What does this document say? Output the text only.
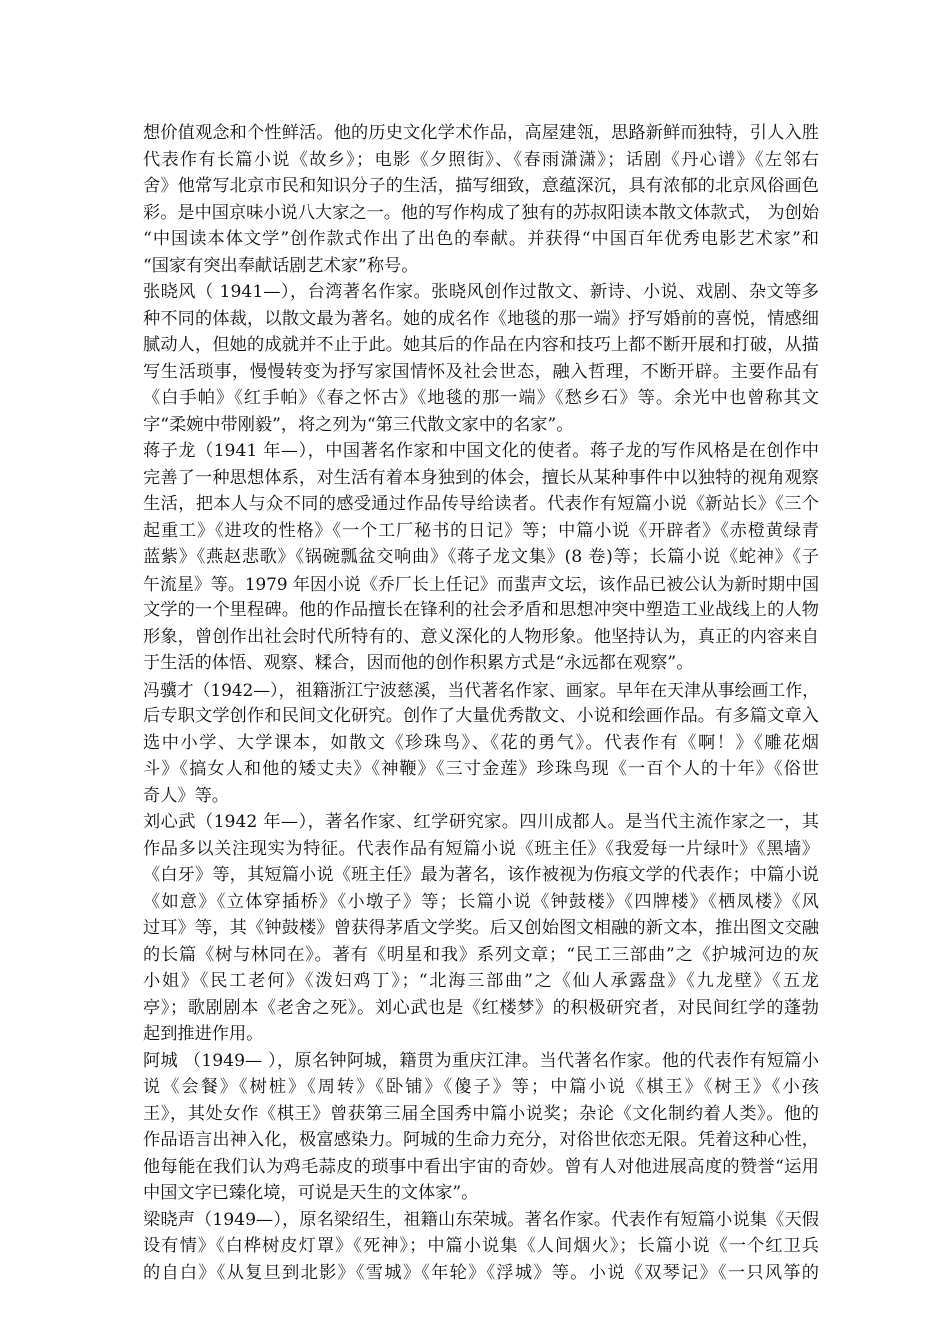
想价值观念和个性鲜活。他的历史文化学术作品，高屋建瓴，思路新鲜而独特，引人入胜
代表作有长篇小说《故乡》；电影《夕照街》、《春雨潇潇》；话剧《丹心谱》《左邻右
舍》他常写北京市民和知识分子的生活，描写细致，意蕴深沉，具有浓郁的北京风俗画色
彩。是中国京味小说八大家之一。他的写作构成了独有的苏叔阳读本散文体款式， 为创始
“中国读本体文学”创作款式作出了出色的奉献。并获得“中国百年优秀电影艺术家”和
“国家有突出奉献话剧艺术家”称号。
张晓风（ 1941—），台湾著名作家。张晓风创作过散文、新诗、小说、戏剧、杂文等多
种不同的体裁，以散文最为著名。她的成名作《地毯的那一端》抒写婚前的喜悦，情感细
腻动人，但她的成就并不止于此。她其后的作品在内容和技巧上都不断开展和打破，从描
写生活琐事，慢慢转变为抒写家国情怀及社会世态，融入哲理，不断开辟。主要作品有
《白手帕》《红手帕》《春之怀古》《地毯的那一端》《愁乡石》等。余光中也曾称其文
字“柔婉中带刚毅”，将之列为“第三代散文家中的名家”。
蒋子龙（1941 年—），中国著名作家和中国文化的使者。蒋子龙的写作风格是在创作中
完善了一种思想体系，对生活有着本身独到的体会，擅长从某种事件中以独特的视角观察
生活，把本人与众不同的感受通过作品传导给读者。代表作有短篇小说《新站长》《三个
起重工》《进攻的性格》《一个工厂秘书的日记》等；中篇小说《开辟者》《赤橙黄绿青
蓝紫》《燕赵悲歌》《锅碗瓢盆交响曲》《蒋子龙文集》(8 卷)等；长篇小说《蛇神》《子
午流星》等。1979 年因小说《乔厂长上任记》而蜚声文坛，该作品已被公认为新时期中国
文学的一个里程碑。他的作品擅长在锋利的社会矛盾和思想冲突中塑造工业战线上的人物
形象，曾创作出社会时代所特有的、意义深化的人物形象。他坚持认为，真正的内容来自
于生活的体悟、观察、糅合，因而他的创作积累方式是“永远都在观察”。
冯骥才（1942—），祖籍浙江宁波慈溪，当代著名作家、画家。早年在天津从事绘画工作，
后专职文学创作和民间文化研究。创作了大量优秀散文、小说和绘画作品。有多篇文章入
选中小学、大学课本，如散文《珍珠鸟》、《花的勇气》。代表作有《啊！》《雕花烟
斗》《搞女人和他的矮丈夫》《神鞭》《三寸金莲》珍珠鸟现《一百个人的十年》《俗世
奇人》等。
刘心武（1942 年—），著名作家、红学研究家。四川成都人。是当代主流作家之一，其
作品多以关注现实为特征。代表作品有短篇小说《班主任》《我爱每一片绿叶》《黑墙》
《白牙》等，其短篇小说《班主任》最为著名，该作被视为伤痕文学的代表作；中篇小说
《如意》《立体穿插桥》《小墩子》等；长篇小说《钟鼓楼》《四牌楼》《栖凤楼》《风
过耳》等，其《钟鼓楼》曾获得茅盾文学奖。后又创始图文相融的新文本，推出图文交融
的长篇《树与林同在》。著有《明星和我》系列文章；“民工三部曲”之《护城河边的灰
小姐》《民工老何》《泼妇鸡丁》；“北海三部曲”之《仙人承露盘》《九龙壁》《五龙
亭》；歌剧剧本《老舍之死》。刘心武也是《红楼梦》的积极研究者，对民间红学的蓬勃
起到推进作用。
阿城 （1949— ），原名钟阿城，籍贯为重庆江津。当代著名作家。他的代表作有短篇小
说《会餐》《树桩》《周转》《卧铺》《傻子》等；中篇小说《棋王》《树王》《小孩
王》，其处女作《棋王》曾获第三届全国秀中篇小说奖；杂论《文化制约着人类》。他的
作品语言出神入化，极富感染力。阿城的生命力充分，对俗世依恋无限。凭着这种心性，
他每能在我们认为鸡毛蒜皮的琐事中看出宇宙的奇妙。曾有人对他进展高度的赞誉“运用
中国文字已臻化境，可说是天生的文体家”。
梁晓声（1949—），原名梁绍生，祖籍山东荣城。著名作家。代表作有短篇小说集《天假
设有情》《白桦树皮灯罩》《死神》；中篇小说集《人间烟火》；长篇小说《一个红卫兵
的自白》《从复旦到北影》《雪城》《年轮》《浮城》等。小说《双琴记》《一只风筝的
